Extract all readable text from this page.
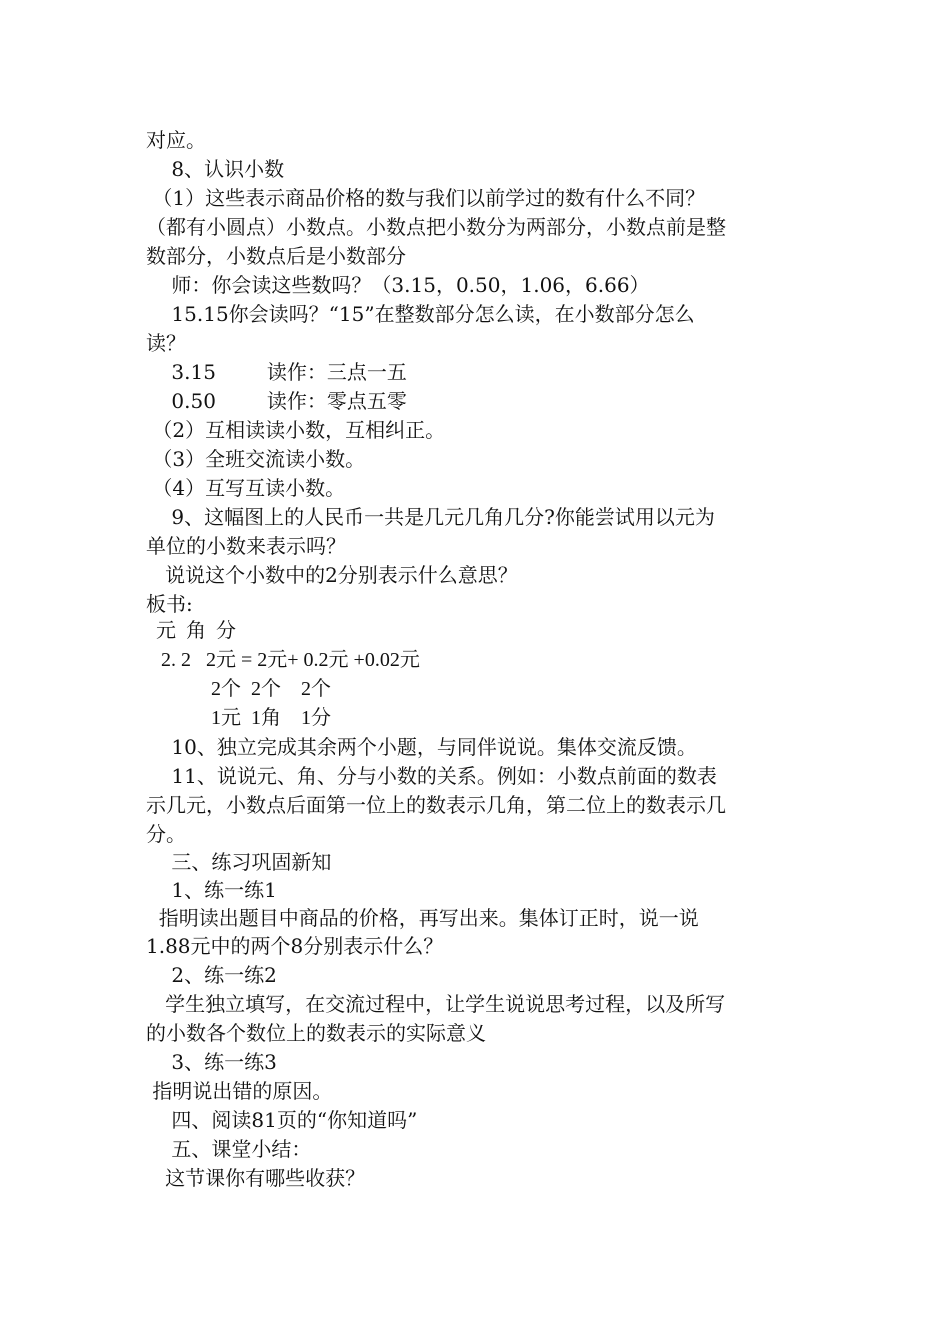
对应。
8、认识小数
（1）这些表示商品价格的数与我们以前学过的数有什么不同？
（都有小圆点）小数点。小数点把小数分为两部分，小数点前是整
数部分，小数点后是小数部分
师：你会读这些数吗？（3.15，0.50，1.06，6.66）
15.15你会读吗？“15”在整数部分怎么读，在小数部分怎么
读？
3.15        读作：三点一五
0.50        读作：零点五零
（2）互相读读小数，互相纠正。
（3）全班交流读小数。
（4）互写互读小数。
9、这幅图上的人民币一共是几元几角几分?你能尝试用以元为
单位的小数来表示吗？
说说这个小数中的2分别表示什么意思？
板书:
元  角  分
2. 2   2元 = 2元+ 0.2元 +0.02元
2个  2个    2个
1元  1角    1分
10、独立完成其余两个小题，与同伴说说。集体交流反馈。
11、说说元、角、分与小数的关系。例如：小数点前面的数表
示几元，小数点后面第一位上的数表示几角，第二位上的数表示几
分。
三、练习巩固新知
1、练一练1
指明读出题目中商品的价格，再写出来。集体订正时，说一说
1.88元中的两个8分别表示什么？
2、练一练2
学生独立填写，在交流过程中，让学生说说思考过程，以及所写
的小数各个数位上的数表示的实际意义
3、练一练3
指明说出错的原因。
四、阅读81页的“你知道吗”
五、课堂小结：
这节课你有哪些收获？
